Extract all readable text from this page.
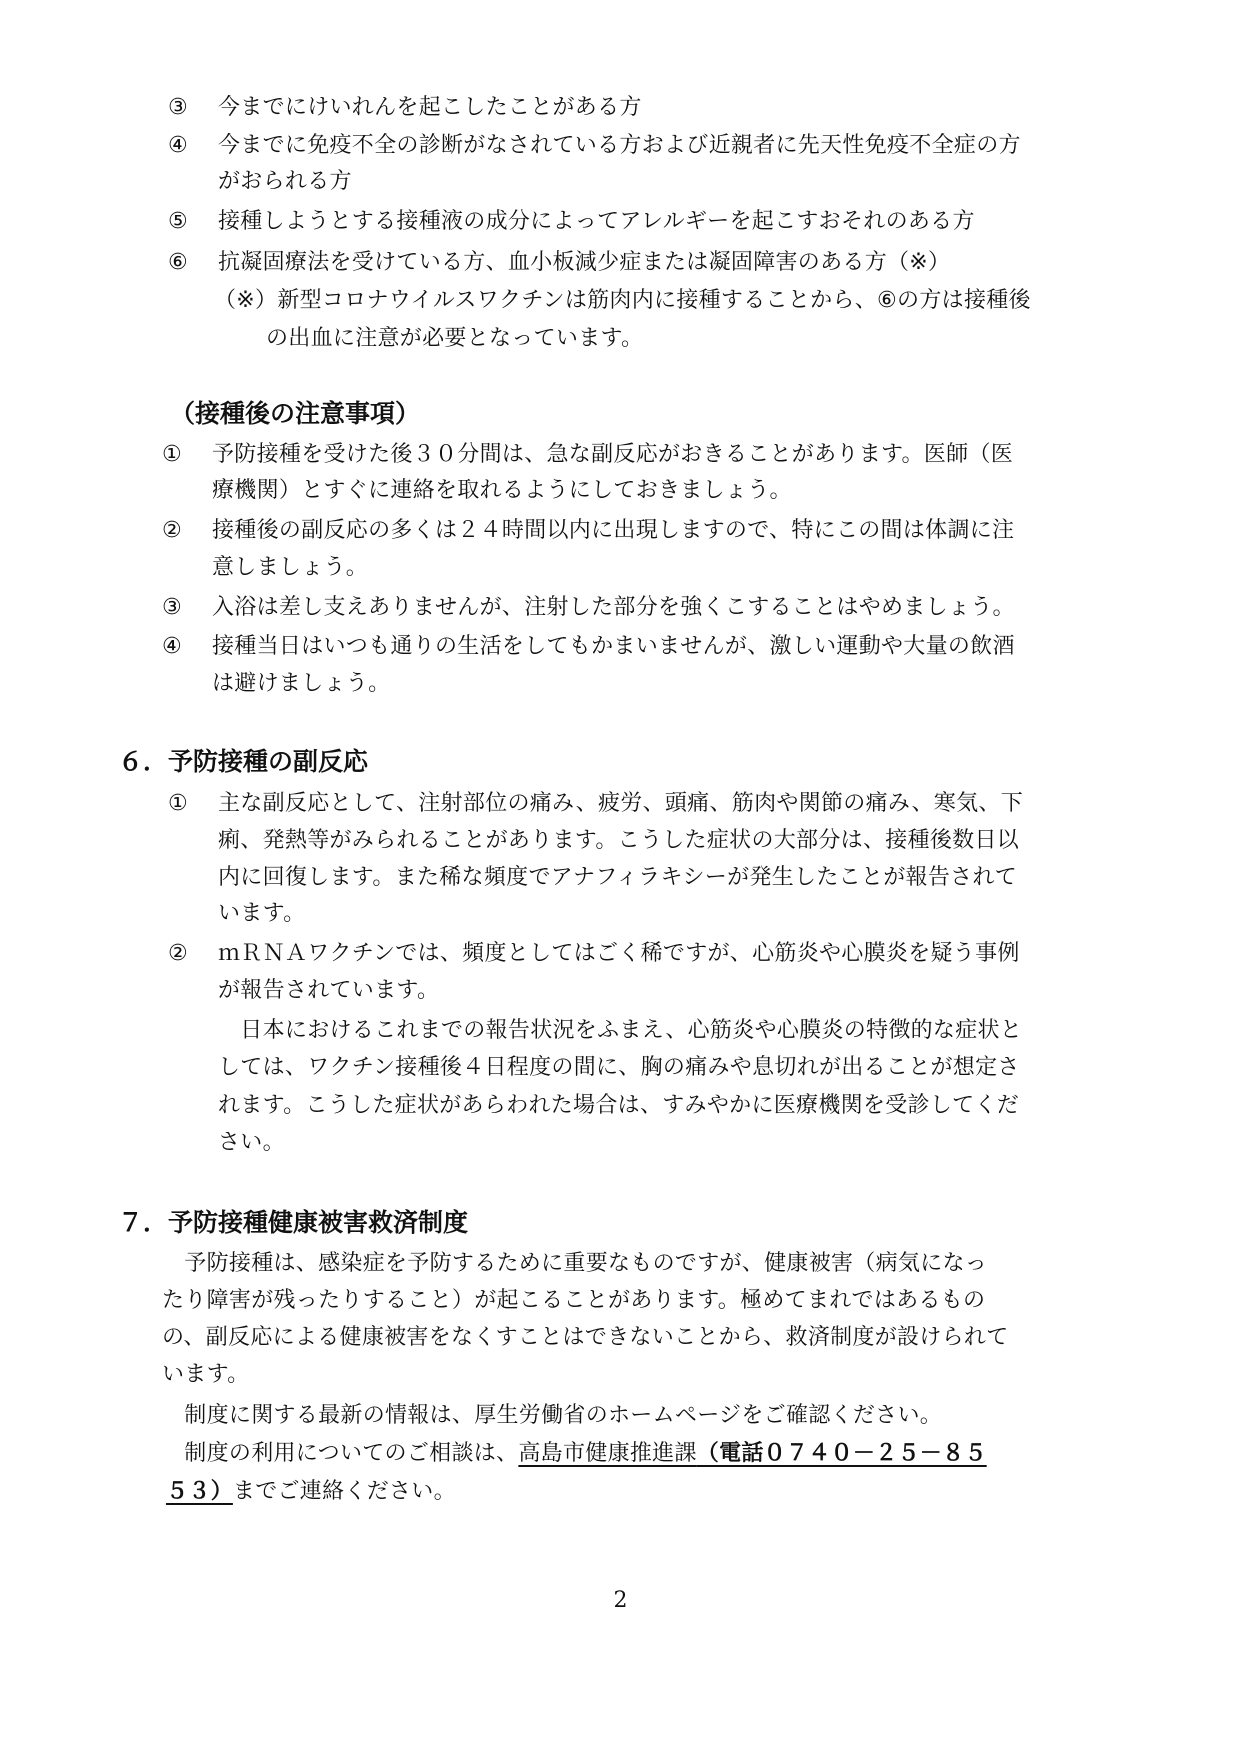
③ 今までにけいれんを起こしたことがある方
④ 今までに免疫不全の診断がなされている方および近親者に先天性免疫不全症の方
がおられる方
⑤ 接種しようとする接種液の成分によってアレルギーを起こすおそれのある方
⑥ 抗凝固療法を受けている方、血小板減少症または凝固障害のある方（※）
（※）新型コロナウイルスワクチンは筋肉内に接種することから、⑥の方は接種後
の出血に注意が必要となっています。
（接種後の注意事項）
① 予防接種を受けた後３０分間は、急な副反応がおきることがあります。医師（医
療機関）とすぐに連絡を取れるようにしておきましょう。
② 接種後の副反応の多くは２４時間以内に出現しますので、特にこの間は体調に注
意しましょう。
③ 入浴は差し支えありませんが、注射した部分を強くこすることはやめましょう。
④ 接種当日はいつも通りの生活をしてもかまいませんが、激しい運動や大量の飲酒
は避けましょう。
６．予防接種の副反応
① 主な副反応として、注射部位の痛み、疲労、頭痛、筋肉や関節の痛み、寒気、下
痢、発熱等がみられることがあります。こうした症状の大部分は、接種後数日以
内に回復します。また稀な頻度でアナフィラキシーが発生したことが報告されて
います。
② ｍＲＮＡワクチンでは、頻度としてはごく稀ですが、心筋炎や心膜炎を疑う事例
が報告されています。
　日本におけるこれまでの報告状況をふまえ、心筋炎や心膜炎の特徴的な症状と
しては、ワクチン接種後４日程度の間に、胸の痛みや息切れが出ることが想定さ
れます。こうした症状があらわれた場合は、すみやかに医療機関を受診してくだ
さい。
７．予防接種健康被害救済制度
　予防接種は、感染症を予防するために重要なものですが、健康被害（病気になっ
たり障害が残ったりすること）が起こることがあります。極めてまれではあるもの
の、副反応による健康被害をなくすことはできないことから、救済制度が設けられて
います。
　制度に関する最新の情報は、厚生労働省のホームページをご確認ください。
　制度の利用についてのご相談は、高島市健康推進課（電話０７４０－２５－８５
５３）までご連絡ください。
2
